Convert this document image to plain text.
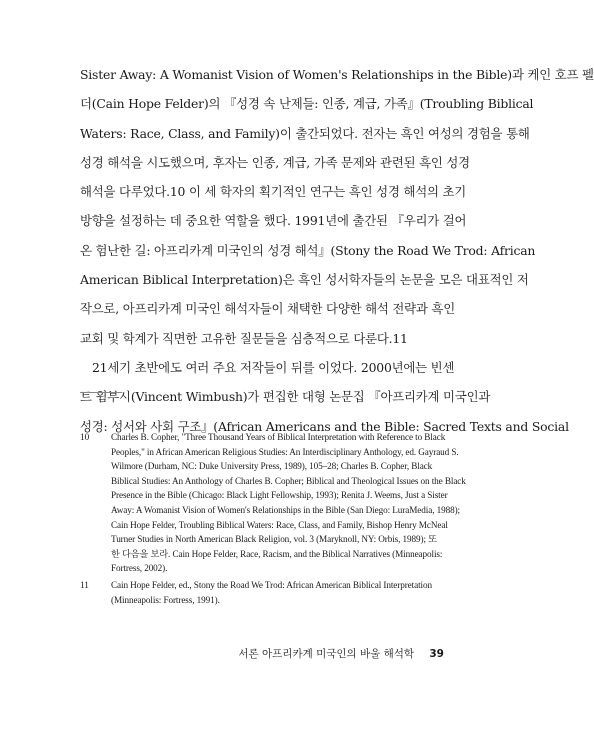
Sister Away: A Womanist Vision of Women's Relationships in the Bible)과 케인 호프 펠
더(Cain Hope Felder)의 『성경 속 난제들: 인종, 계급, 가족』(Troubling Biblical
Waters: Race, Class, and Family)이 출간되었다. 전자는 흑인 여성의 경험을 통해
성경 해석을 시도했으며, 후자는 인종, 계급, 가족 문제와 관련된 흑인 성경
해석을 다루었다.10 이 세 학자의 획기적인 연구는 흑인 성경 해석의 초기
방향을 설정하는 데 중요한 역할을 했다. 1991년에 출간된 『우리가 걸어
온 험난한 길: 아프리카계 미국인의 성경 해석』(Stony the Road We Trod: African
American Biblical Interpretation)은 흑인 성서학자들의 논문을 모은 대표적인 저
작으로, 아프리카계 미국인 해석자들이 채택한 다양한 해석 전략과 흑인
교회 및 학계가 직면한 고유한 질문들을 심층적으로 다룬다.11
21세기 초반에도 여러 주요 저작들이 뒤를 이었다. 2000년에는 빈센
트 윔부시(Vincent Wimbush)가 편집한 대형 논문집 『아프리카계 미국인과
성경: 성서와 사회 구조』(African Americans and the Bible: Sacred Texts and Social
10 Charles B. Copher, "Three Thousand Years of Biblical Interpretation with Reference to Black
Peoples," in African American Religious Studies: An Interdisciplinary Anthology, ed. Gayraud S.
Wilmore (Durham, NC: Duke University Press, 1989), 105–28; Charles B. Copher, Black
Biblical Studies: An Anthology of Charles B. Copher; Biblical and Theological Issues on the Black
Presence in the Bible (Chicago: Black Light Fellowship, 1993); Renita J. Weems, Just a Sister
Away: A Womanist Vision of Women's Relationships in the Bible (San Diego: LuraMedia, 1988);
Cain Hope Felder, Troubling Biblical Waters: Race, Class, and Family, Bishop Henry McNeal
Turner Studies in North American Black Religion, vol. 3 (Maryknoll, NY: Orbis, 1989); 또
한 다음을 보라. Cain Hope Felder, Race, Racism, and the Biblical Narratives (Minneapolis:
Fortress, 2002).
11 Cain Hope Felder, ed., Stony the Road We Trod: African American Biblical Interpretation
(Minneapolis: Fortress, 1991).
서론 아프리카계 미국인의 바울 해석학 39
